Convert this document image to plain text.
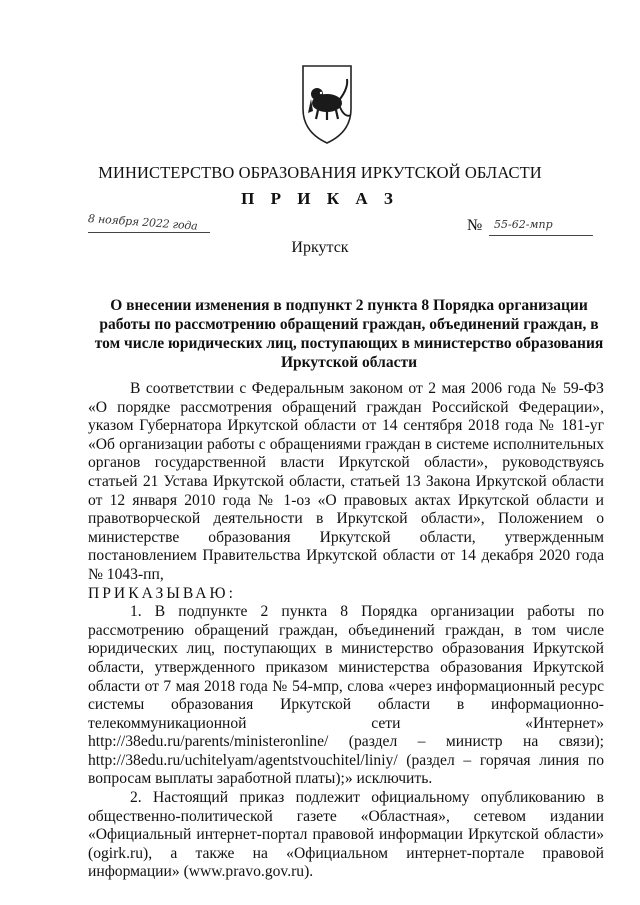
МИНИСТЕРСТВО ОБРАЗОВАНИЯ ИРКУТСКОЙ ОБЛАСТИ
П Р И К А З
8 ноября 2022 года	№ 55-62-мпр
Иркутск
О внесении изменения в подпункт 2 пункта 8 Порядка организации работы по рассмотрению обращений граждан, объединений граждан, в том числе юридических лиц, поступающих в министерство образования Иркутской области

В соответствии с Федеральным законом от 2 мая 2006 года № 59-ФЗ «О порядке рассмотрения обращений граждан Российской Федерации», указом Губернатора Иркутской области от 14 сентября 2018 года № 181-уг «Об организации работы с обращениями граждан в системе исполнительных органов государственной власти Иркутской области», руководствуясь статьей 21 Устава Иркутской области, статьей 13 Закона Иркутской области от 12 января 2010 года № 1-оз «О правовых актах Иркутской области и правотворческой деятельности в Иркутской области», Положением о министерстве образования Иркутской области, утвержденным постановлением Правительства Иркутской области от 14 декабря 2020 года № 1043-пп,

ПРИКАЗЫВАЮ:

1. В подпункте 2 пункта 8 Порядка организации работы по рассмотрению обращений граждан, объединений граждан, в том числе юридических лиц, поступающих в министерство образования Иркутской области, утвержденного приказом министерства образования Иркутской области от 7 мая 2018 года № 54-мпр, слова «через информационный ресурс системы образования Иркутской области в информационно-телекоммуникационной сети «Интернет» http://38edu.ru/parents/ministeronline/ (раздел – министр на связи); http://38edu.ru/uchitelyam/agentstvouchitel/liniy/ (раздел – горячая линия по вопросам выплаты заработной платы);» исключить.

2. Настоящий приказ подлежит официальному опубликованию в общественно-политической газете «Областная», сетевом издании «Официальный интернет-портал правовой информации Иркутской области» (ogirk.ru), а также на «Официальном интернет-портале правовой информации» (www.pravo.gov.ru).
